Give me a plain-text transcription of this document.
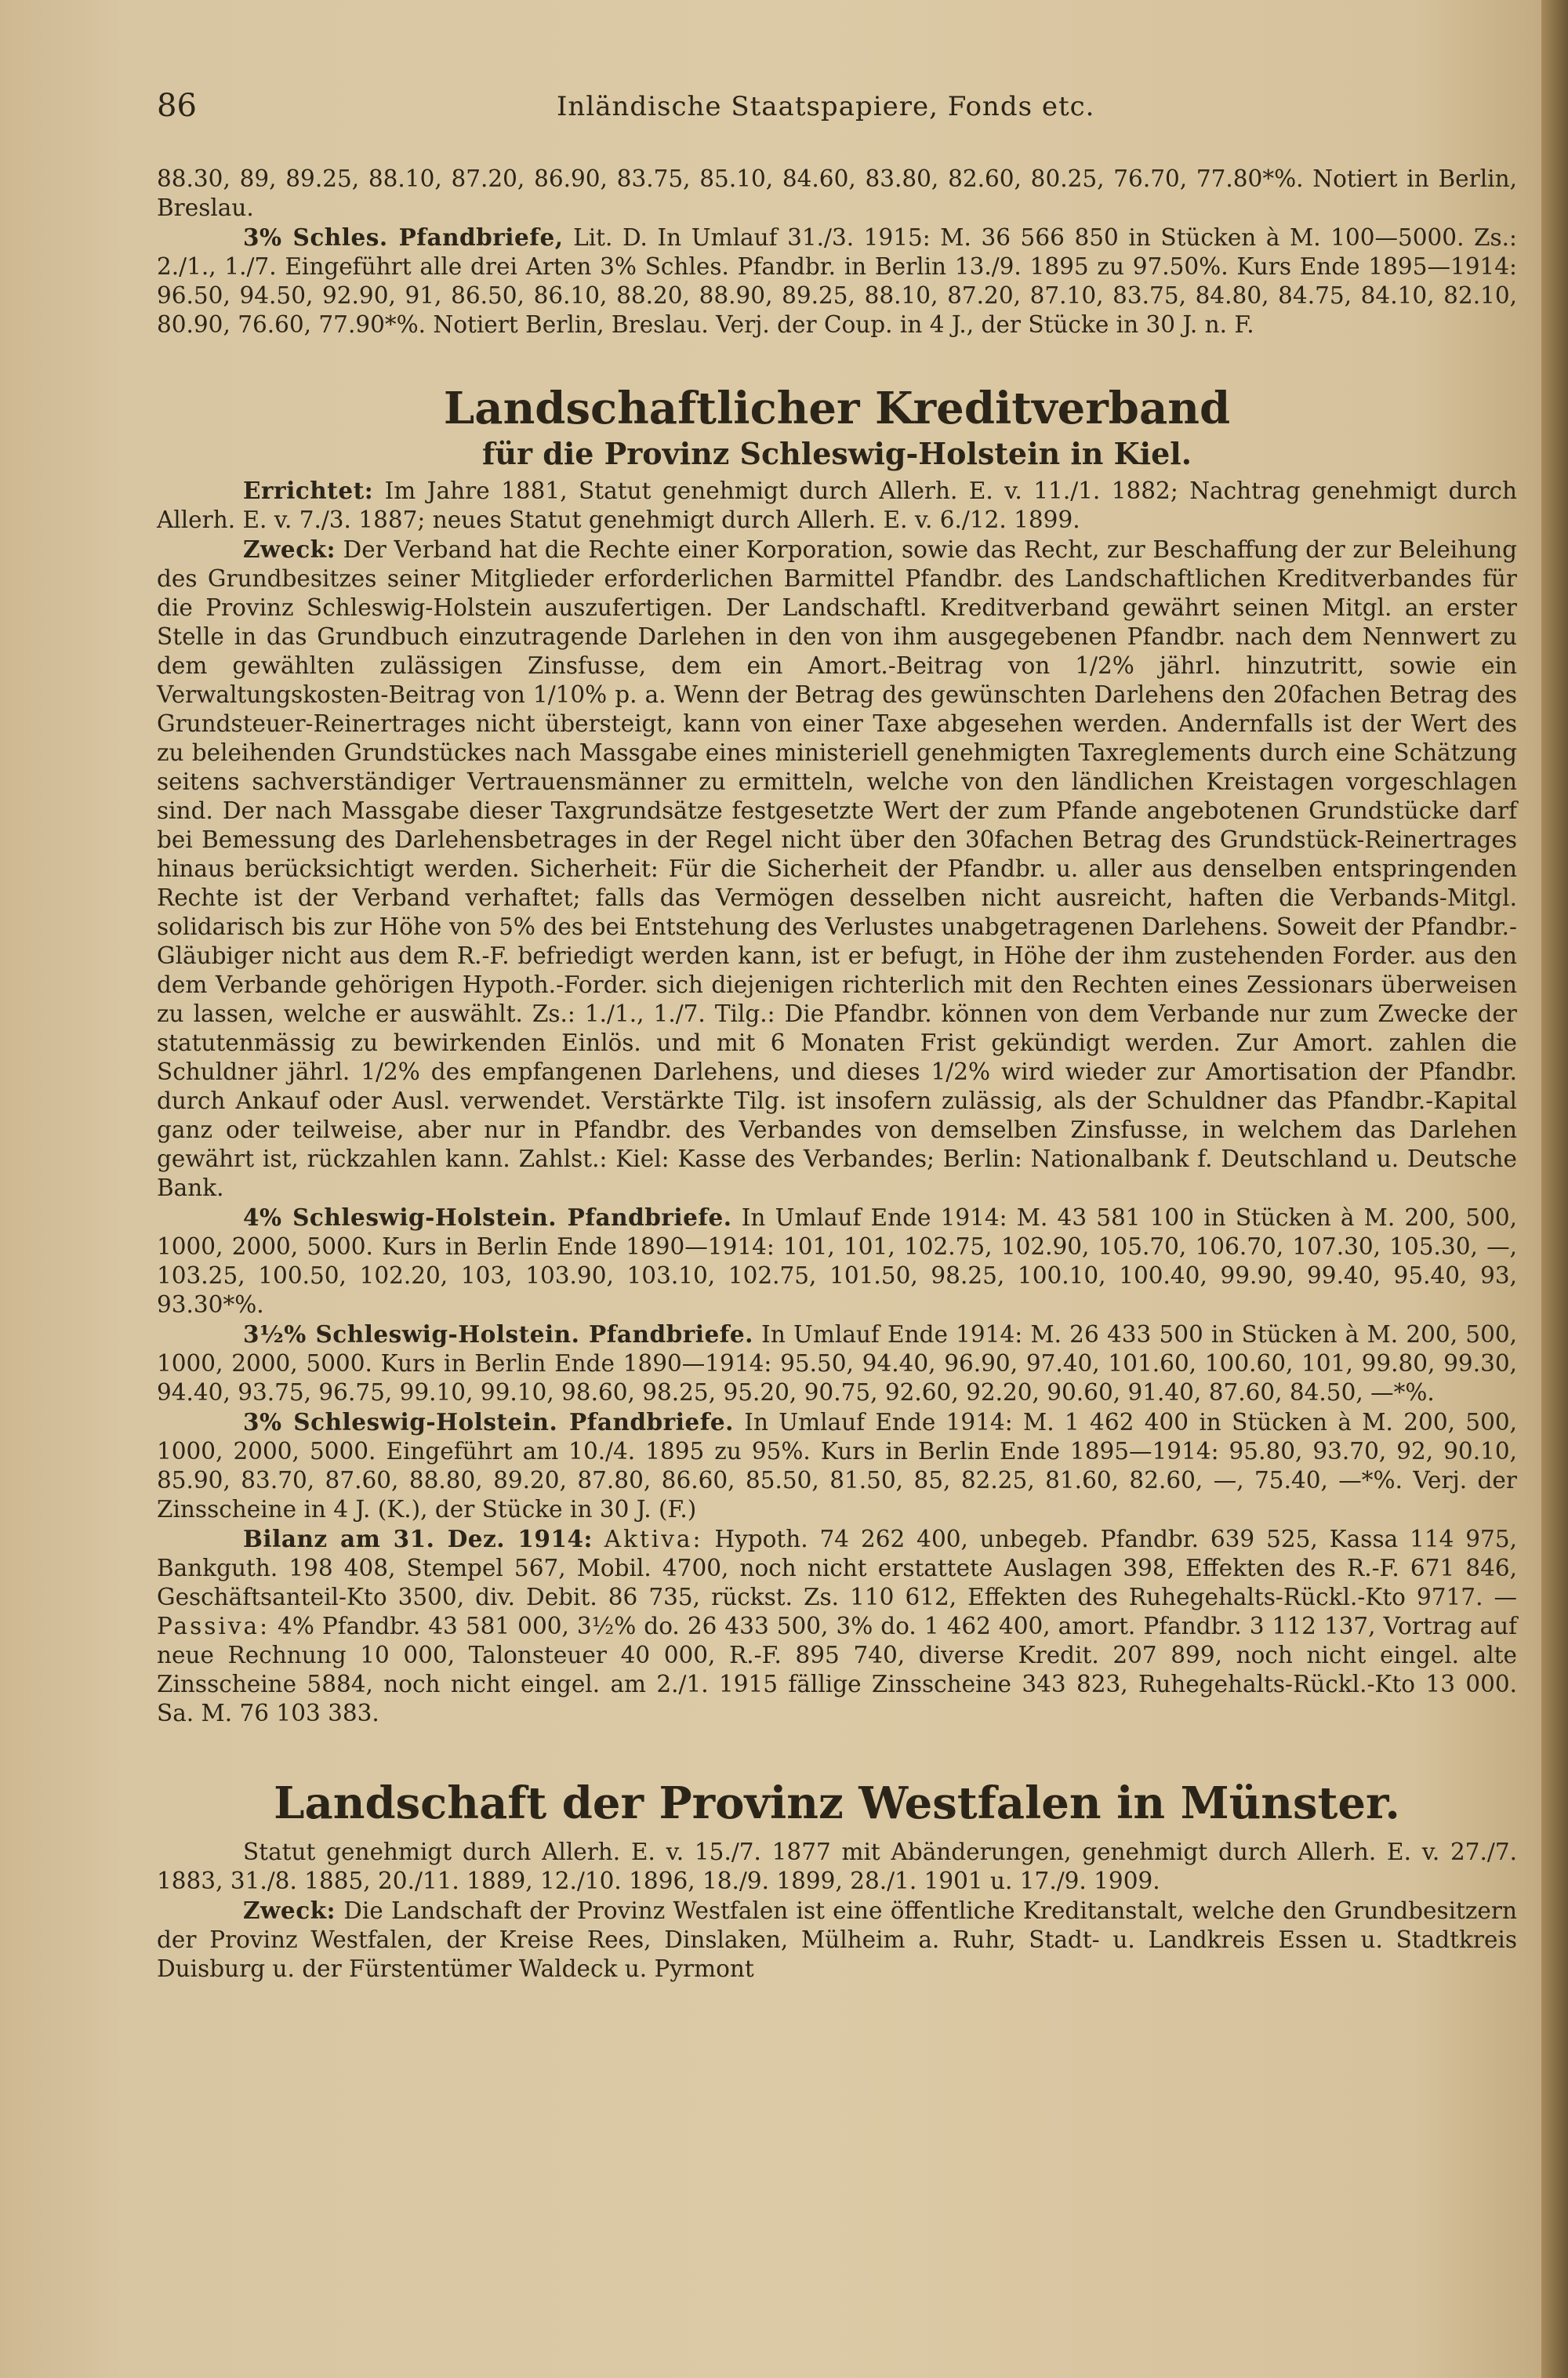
86	Inländische Staatspapiere, Fonds etc.

88.30, 89, 89.25, 88.10, 87.20, 86.90, 83.75, 85.10, 84.60, 83.80, 82.60, 80.25, 76.70, 77.80*%. Notiert in Berlin, Breslau.

3% Schles. Pfandbriefe, Lit. D. In Umlauf 31./3. 1915: M. 36 566 850 in Stücken à M. 100—5000. Zs.: 2./1., 1./7. Eingeführt alle drei Arten 3% Schles. Pfandbr. in Berlin 13./9. 1895 zu 97.50%. Kurs Ende 1895—1914: 96.50, 94.50, 92.90, 91, 86.50, 86.10, 88.20, 88.90, 89.25, 88.10, 87.20, 87.10, 83.75, 84.80, 84.75, 84.10, 82.10, 80.90, 76.60, 77.90*%. Notiert Berlin, Breslau. Verj. der Coup. in 4 J., der Stücke in 30 J. n. F.

Landschaftlicher Kreditverband
für die Provinz Schleswig-Holstein in Kiel.

Errichtet: Im Jahre 1881, Statut genehmigt durch Allerh. E. v. 11./1. 1882; Nachtrag genehmigt durch Allerh. E. v. 7./3. 1887; neues Statut genehmigt durch Allerh. E. v. 6./12. 1899.

Zweck: Der Verband hat die Rechte einer Korporation, sowie das Recht, zur Beschaffung der zur Beleihung des Grundbesitzes seiner Mitglieder erforderlichen Barmittel Pfandbr. des Landschaftlichen Kreditverbandes für die Provinz Schleswig-Holstein auszufertigen. Der Landschaftl. Kreditverband gewährt seinen Mitgl. an erster Stelle in das Grundbuch einzutragende Darlehen in den von ihm ausgegebenen Pfandbr. nach dem Nennwert zu dem gewählten zulässigen Zinsfusse, dem ein Amort.-Beitrag von 1/2% jährl. hinzutritt, sowie ein Verwaltungskosten-Beitrag von 1/10% p. a. Wenn der Betrag des gewünschten Darlehens den 20fachen Betrag des Grundsteuer-Reinertrages nicht übersteigt, kann von einer Taxe abgesehen werden. Andernfalls ist der Wert des zu beleihenden Grundstückes nach Massgabe eines ministeriell genehmigten Taxreglements durch eine Schätzung seitens sachverständiger Vertrauensmänner zu ermitteln, welche von den ländlichen Kreistagen vorgeschlagen sind. Der nach Massgabe dieser Taxgrundsätze festgesetzte Wert der zum Pfande angebotenen Grundstücke darf bei Bemessung des Darlehensbetrages in der Regel nicht über den 30fachen Betrag des Grundstück-Reinertrages hinaus berücksichtigt werden. Sicherheit: Für die Sicherheit der Pfandbr. u. aller aus denselben entspringenden Rechte ist der Verband verhaftet; falls das Vermögen desselben nicht ausreicht, haften die Verbands-Mitgl. solidarisch bis zur Höhe von 5% des bei Entstehung des Verlustes unabgetragenen Darlehens. Soweit der Pfandbr.-Gläubiger nicht aus dem R.-F. befriedigt werden kann, ist er befugt, in Höhe der ihm zustehenden Forder. aus den dem Verbande gehörigen Hypoth.-Forder. sich diejenigen richterlich mit den Rechten eines Zessionars überweisen zu lassen, welche er auswählt. Zs.: 1./1., 1./7. Tilg.: Die Pfandbr. können von dem Verbande nur zum Zwecke der statutenmässig zu bewirkenden Einlös. und mit 6 Monaten Frist gekündigt werden. Zur Amort. zahlen die Schuldner jährl. 1/2% des empfangenen Darlehens, und dieses 1/2% wird wieder zur Amortisation der Pfandbr. durch Ankauf oder Ausl. verwendet. Verstärkte Tilg. ist insofern zulässig, als der Schuldner das Pfandbr.-Kapital ganz oder teilweise, aber nur in Pfandbr. des Verbandes von demselben Zinsfusse, in welchem das Darlehen gewährt ist, rückzahlen kann. Zahlst.: Kiel: Kasse des Verbandes; Berlin: Nationalbank f. Deutschland u. Deutsche Bank.

4% Schleswig-Holstein. Pfandbriefe. In Umlauf Ende 1914: M. 43 581 100 in Stücken à M. 200, 500, 1000, 2000, 5000. Kurs in Berlin Ende 1890—1914: 101, 101, 102.75, 102.90, 105.70, 106.70, 107.30, 105.30, —, 103.25, 100.50, 102.20, 103, 103.90, 103.10, 102.75, 101.50, 98.25, 100.10, 100.40, 99.90, 99.40, 95.40, 93, 93.30*%.

3½% Schleswig-Holstein. Pfandbriefe. In Umlauf Ende 1914: M. 26 433 500 in Stücken à M. 200, 500, 1000, 2000, 5000. Kurs in Berlin Ende 1890—1914: 95.50, 94.40, 96.90, 97.40, 101.60, 100.60, 101, 99.80, 99.30, 94.40, 93.75, 96.75, 99.10, 99.10, 98.60, 98.25, 95.20, 90.75, 92.60, 92.20, 90.60, 91.40, 87.60, 84.50, —*%.

3% Schleswig-Holstein. Pfandbriefe. In Umlauf Ende 1914: M. 1 462 400 in Stücken à M. 200, 500, 1000, 2000, 5000. Eingeführt am 10./4. 1895 zu 95%. Kurs in Berlin Ende 1895—1914: 95.80, 93.70, 92, 90.10, 85.90, 83.70, 87.60, 88.80, 89.20, 87.80, 86.60, 85.50, 81.50, 85, 82.25, 81.60, 82.60, —, 75.40, —*%. Verj. der Zinsscheine in 4 J. (K.), der Stücke in 30 J. (F.)

Bilanz am 31. Dez. 1914: Aktiva: Hypoth. 74 262 400, unbegeb. Pfandbr. 639 525, Kassa 114 975, Bankguth. 198 408, Stempel 567, Mobil. 4700, noch nicht erstattete Auslagen 398, Effekten des R.-F. 671 846, Geschäftsanteil-Kto 3500, div. Debit. 86 735, rückst. Zs. 110 612, Effekten des Ruhegehalts-Rückl.-Kto 9717. — Passiva: 4% Pfandbr. 43 581 000, 3½% do. 26 433 500, 3% do. 1 462 400, amort. Pfandbr. 3 112 137, Vortrag auf neue Rechnung 10 000, Talonsteuer 40 000, R.-F. 895 740, diverse Kredit. 207 899, noch nicht eingel. alte Zinsscheine 5884, noch nicht eingel. am 2./1. 1915 fällige Zinsscheine 343 823, Ruhegehalts-Rückl.-Kto 13 000. Sa. M. 76 103 383.

Landschaft der Provinz Westfalen in Münster.

Statut genehmigt durch Allerh. E. v. 15./7. 1877 mit Abänderungen, genehmigt durch Allerh. E. v. 27./7. 1883, 31./8. 1885, 20./11. 1889, 12./10. 1896, 18./9. 1899, 28./1. 1901 u. 17./9. 1909.

Zweck: Die Landschaft der Provinz Westfalen ist eine öffentliche Kreditanstalt, welche den Grundbesitzern der Provinz Westfalen, der Kreise Rees, Dinslaken, Mülheim a. Ruhr, Stadt- u. Landkreis Essen u. Stadtkreis Duisburg u. der Fürstentümer Waldeck u. Pyrmont
